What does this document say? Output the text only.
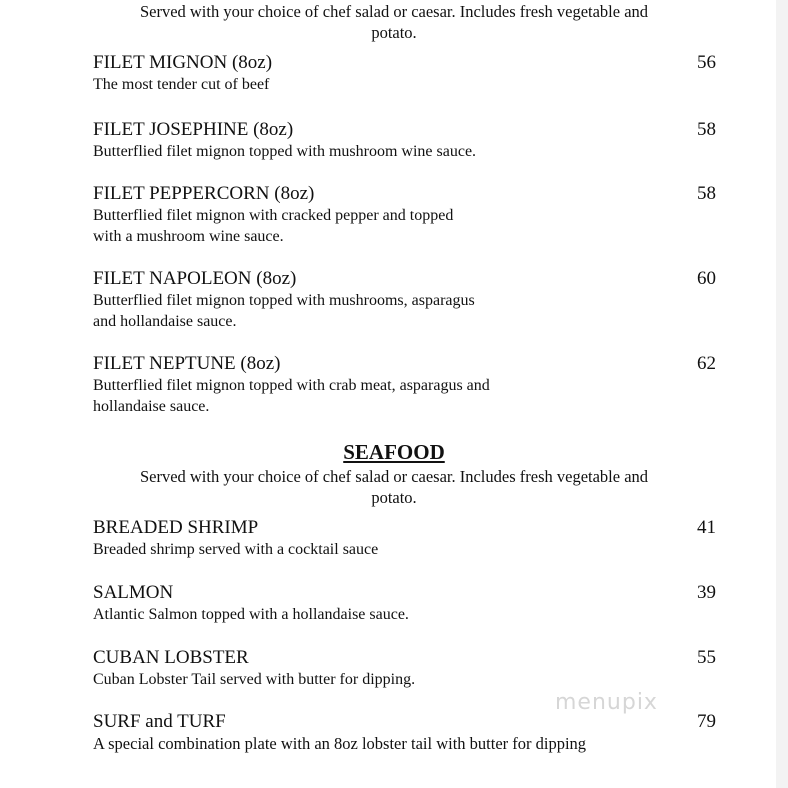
Served with your choice of chef salad or caesar. Includes fresh vegetable and
potato.
FILET MIGNON (8oz)	56
The most tender cut of beef
FILET JOSEPHINE (8oz)	58
Butterflied filet mignon topped with mushroom wine sauce.
FILET PEPPERCORN (8oz)	58
Butterflied filet mignon with cracked pepper and topped
with a mushroom wine sauce.
FILET NAPOLEON (8oz)	60
Butterflied filet mignon topped with mushrooms, asparagus
and hollandaise sauce.
FILET NEPTUNE (8oz)	62
Butterflied filet mignon topped with crab meat, asparagus and
hollandaise sauce.
SEAFOOD
Served with your choice of chef salad or caesar. Includes fresh vegetable and
potato.
BREADED SHRIMP	41
Breaded shrimp served with a cocktail sauce
SALMON	39
Atlantic Salmon topped with a hollandaise sauce.
CUBAN LOBSTER	55
Cuban Lobster Tail served with butter for dipping.
SURF and TURF	79
A special combination plate with an 8oz lobster tail with butter for dipping
menupix
